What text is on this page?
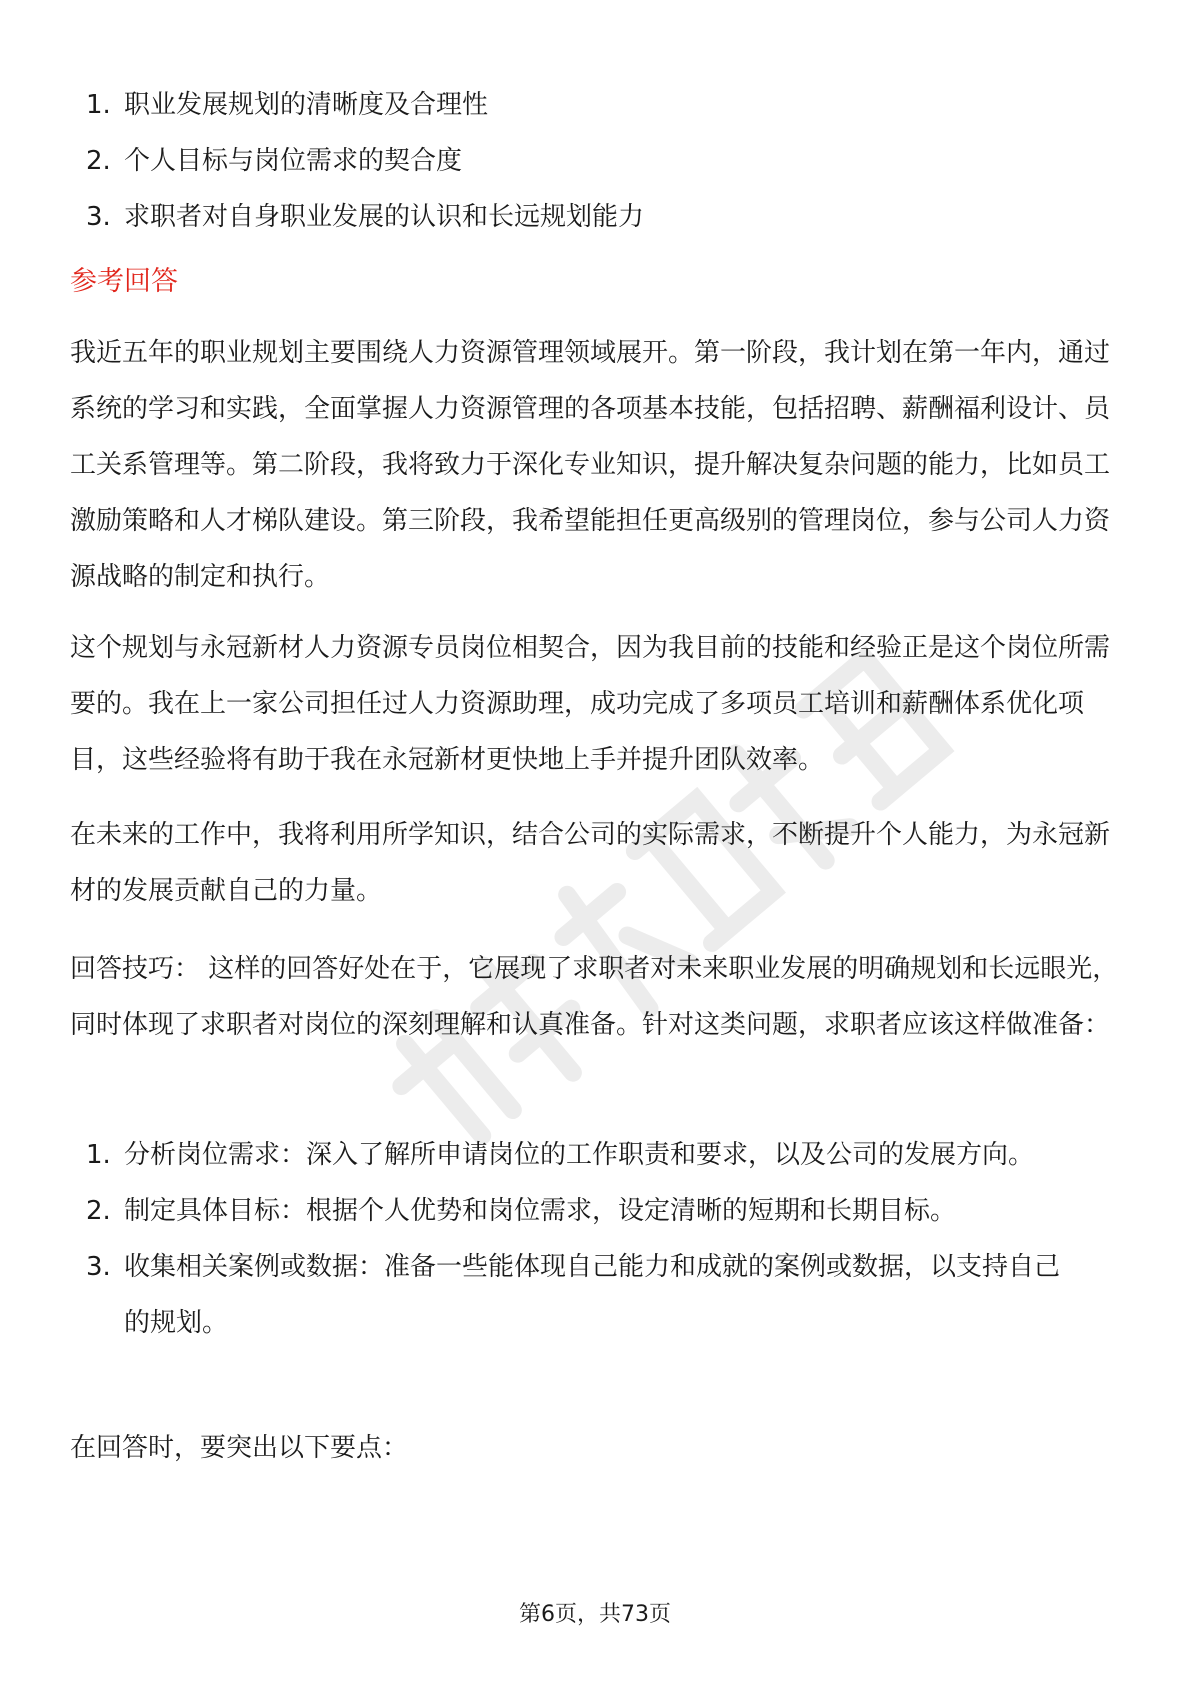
1. 职业发展规划的清晰度及合理性
2. 个人目标与岗位需求的契合度
3. 求职者对自身职业发展的认识和长远规划能力
参考回答

我近五年的职业规划主要围绕人力资源管理领域展开。第一阶段，我计划在第一年内，通过系统的学习和实践，全面掌握人力资源管理的各项基本技能，包括招聘、薪酬福利设计、员工关系管理等。第二阶段，我将致力于深化专业知识，提升解决复杂问题的能力，比如员工激励策略和人才梯队建设。第三阶段，我希望能担任更高级别的管理岗位，参与公司人力资源战略的制定和执行。

这个规划与永冠新材人力资源专员岗位相契合，因为我目前的技能和经验正是这个岗位所需要的。我在上一家公司担任过人力资源助理，成功完成了多项员工培训和薪酬体系优化项目，这些经验将有助于我在永冠新材更快地上手并提升团队效率。

在未来的工作中，我将利用所学知识，结合公司的实际需求，不断提升个人能力，为永冠新材的发展贡献自己的力量。

回答技巧： 这样的回答好处在于，它展现了求职者对未来职业发展的明确规划和长远眼光，同时体现了求职者对岗位的深刻理解和认真准备。针对这类问题，求职者应该这样做准备：

1. 分析岗位需求：深入了解所申请岗位的工作职责和要求，以及公司的发展方向。
2. 制定具体目标：根据个人优势和岗位需求，设定清晰的短期和长期目标。
3. 收集相关案例或数据：准备一些能体现自己能力和成就的案例或数据，以支持自己的规划。

在回答时，要突出以下要点：

第6页，共73页
